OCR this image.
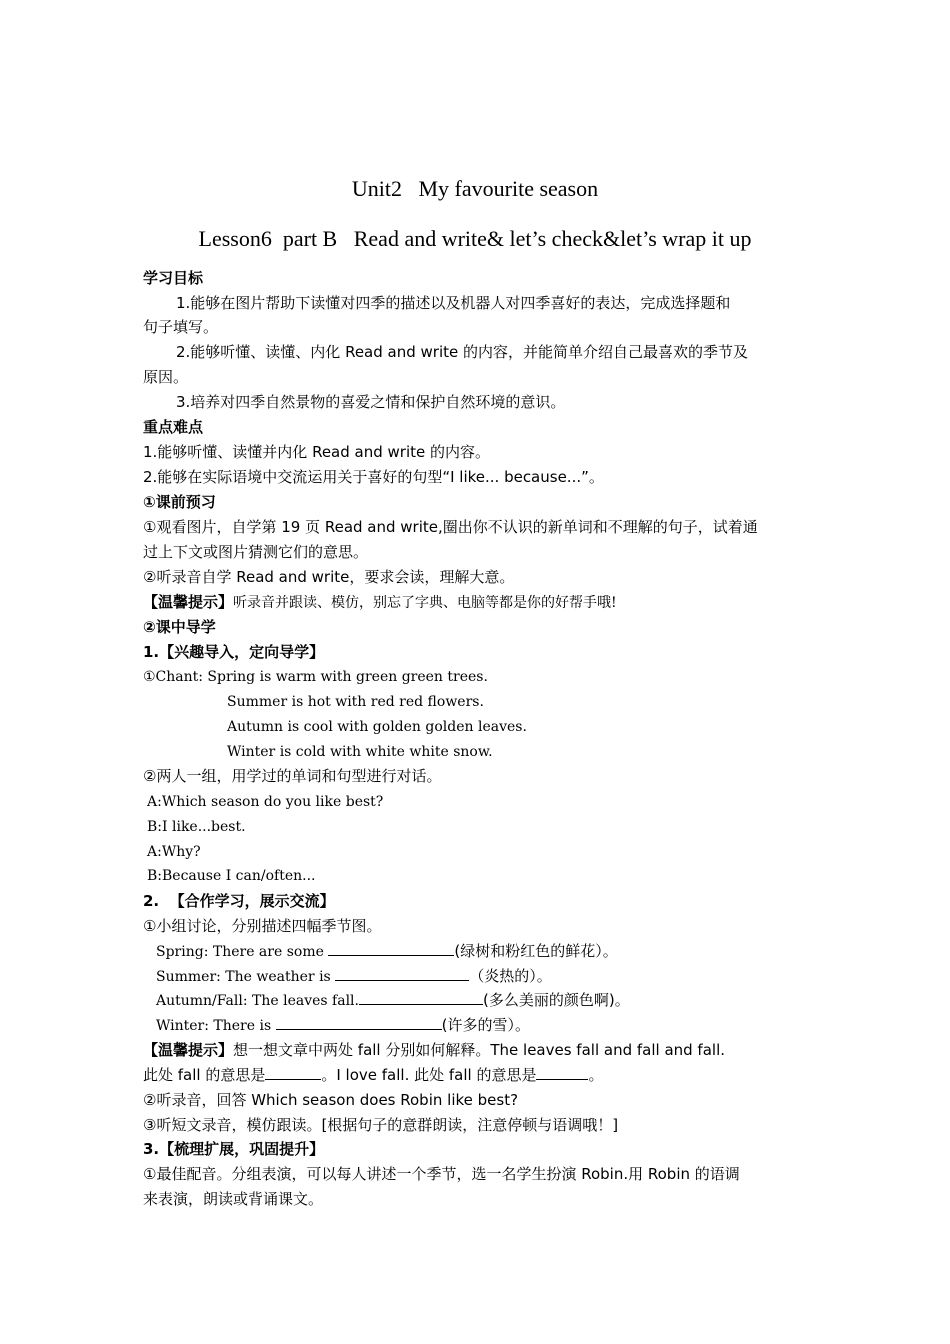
Unit2   My favourite season
Lesson6  part B   Read and write& let’s check&let’s wrap it up
学习目标
1.能够在图片帮助下读懂对四季的描述以及机器人对四季喜好的表达，完成选择题和
句子填写。
2.能够听懂、读懂、内化 Read and write 的内容，并能简单介绍自己最喜欢的季节及
原因。
3.培养对四季自然景物的喜爱之情和保护自然环境的意识。
重点难点
1.能够听懂、读懂并内化 Read and write 的内容。
2.能够在实际语境中交流运用关于喜好的句型“I like... because...”。
①课前预习
①观看图片，自学第 19 页 Read and write,圈出你不认识的新单词和不理解的句子，试着通
过上下文或图片猜测它们的意思。
②听录音自学 Read and write，要求会读，理解大意。
【温馨提示】听录音并跟读、模仿，别忘了字典、电脑等都是你的好帮手哦!
②课中导学
1.【兴趣导入，定向导学】
①Chant: Spring is warm with green green trees.
Summer is hot with red red flowers.
Autumn is cool with golden golden leaves.
Winter is cold with white white snow.
②两人一组，用学过的单词和句型进行对话。
A:Which season do you like best?
B:I like...best.
A:Why?
B:Because I can/often...
2.  【合作学习，展示交流】
①小组讨论，分别描述四幅季节图。
Spring: There are some	(绿树和粉红色的鲜花）。
Summer: The weather is	（炎热的）。
Autumn/Fall: The leaves fall.	(多么美丽的颜色啊)。
Winter: There is	(许多的雪）。
【温馨提示】想一想文章中两处 fall 分别如何解释。The leaves fall and fall and fall.
此处 fall 的意思是	。I love fall. 此处 fall 的意思是	。
②听录音，回答 Which season does Robin like best?
③听短文录音，模仿跟读。[根据句子的意群朗读，注意停顿与语调哦！]
3.【梳理扩展，巩固提升】
①最佳配音。分组表演，可以每人讲述一个季节，选一名学生扮演 Robin.用 Robin 的语调
来表演，朗读或背诵课文。
